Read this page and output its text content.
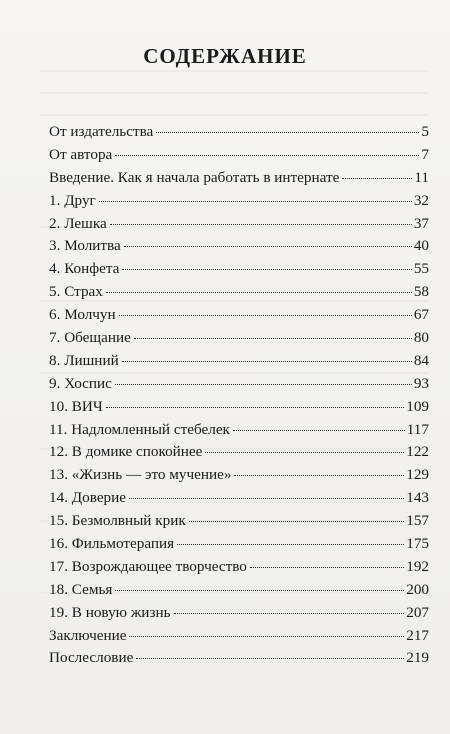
СОДЕРЖАНИЕ
От издательства	5
От автора	7
Введение. Как я начала работать в интернате	11
1. Друг	32
2. Лешка	37
3. Молитва	40
4. Конфета	55
5. Страх	58
6. Молчун	67
7. Обещание	80
8. Лишний	84
9. Хоспис	93
10. ВИЧ	109
11. Надломленный стебелек	117
12. В домике спокойнее	122
13. «Жизнь — это мучение»	129
14. Доверие	143
15. Безмолвный крик	157
16. Фильмотерапия	175
17. Возрождающее творчество	192
18. Семья	200
19. В новую жизнь	207
Заключение	217
Послесловие	219
